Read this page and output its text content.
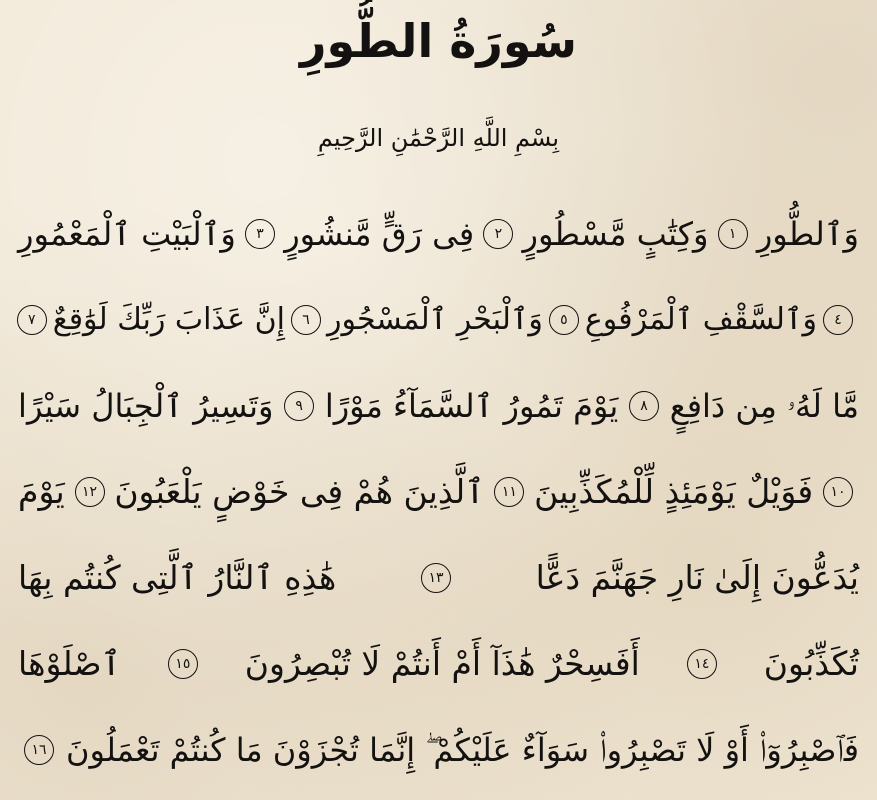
سُورَةُ الطُّورِ
بِسْمِ اللَّهِ الرَّحْمَٰنِ الرَّحِيمِ
وَٱلطُّورِ
١
وَكِتَٰبٍ مَّسْطُورٍ
٢
فِى رَقٍّ مَّنشُورٍ
٣
وَٱلْبَيْتِ ٱلْمَعْمُورِ
٤
وَٱلسَّقْفِ ٱلْمَرْفُوعِ
٥
وَٱلْبَحْرِ ٱلْمَسْجُورِ
٦
إِنَّ عَذَابَ رَبِّكَ لَوَٰقِعٌ
٧
مَّا لَهُۥ مِن دَافِعٍ
٨
يَوْمَ تَمُورُ ٱلسَّمَآءُ مَوْرًا
٩
وَتَسِيرُ ٱلْجِبَالُ سَيْرًا
١٠
فَوَيْلٌ يَوْمَئِذٍ لِّلْمُكَذِّبِينَ
١١
ٱلَّذِينَ هُمْ فِى خَوْضٍ يَلْعَبُونَ
١٢
يَوْمَ
يُدَعُّونَ إِلَىٰ نَارِ جَهَنَّمَ دَعًّا
١٣
هَٰذِهِ ٱلنَّارُ ٱلَّتِى كُنتُم بِهَا
تُكَذِّبُونَ
١٤
أَفَسِحْرٌ هَٰذَآ أَمْ أَنتُمْ لَا تُبْصِرُونَ
١٥
ٱصْلَوْهَا
فَٱصْبِرُوٓا۟ أَوْ لَا تَصْبِرُوا۟ سَوَآءٌ عَلَيْكُمْ ۖ إِنَّمَا تُجْزَوْنَ مَا كُنتُمْ تَعْمَلُونَ
١٦
